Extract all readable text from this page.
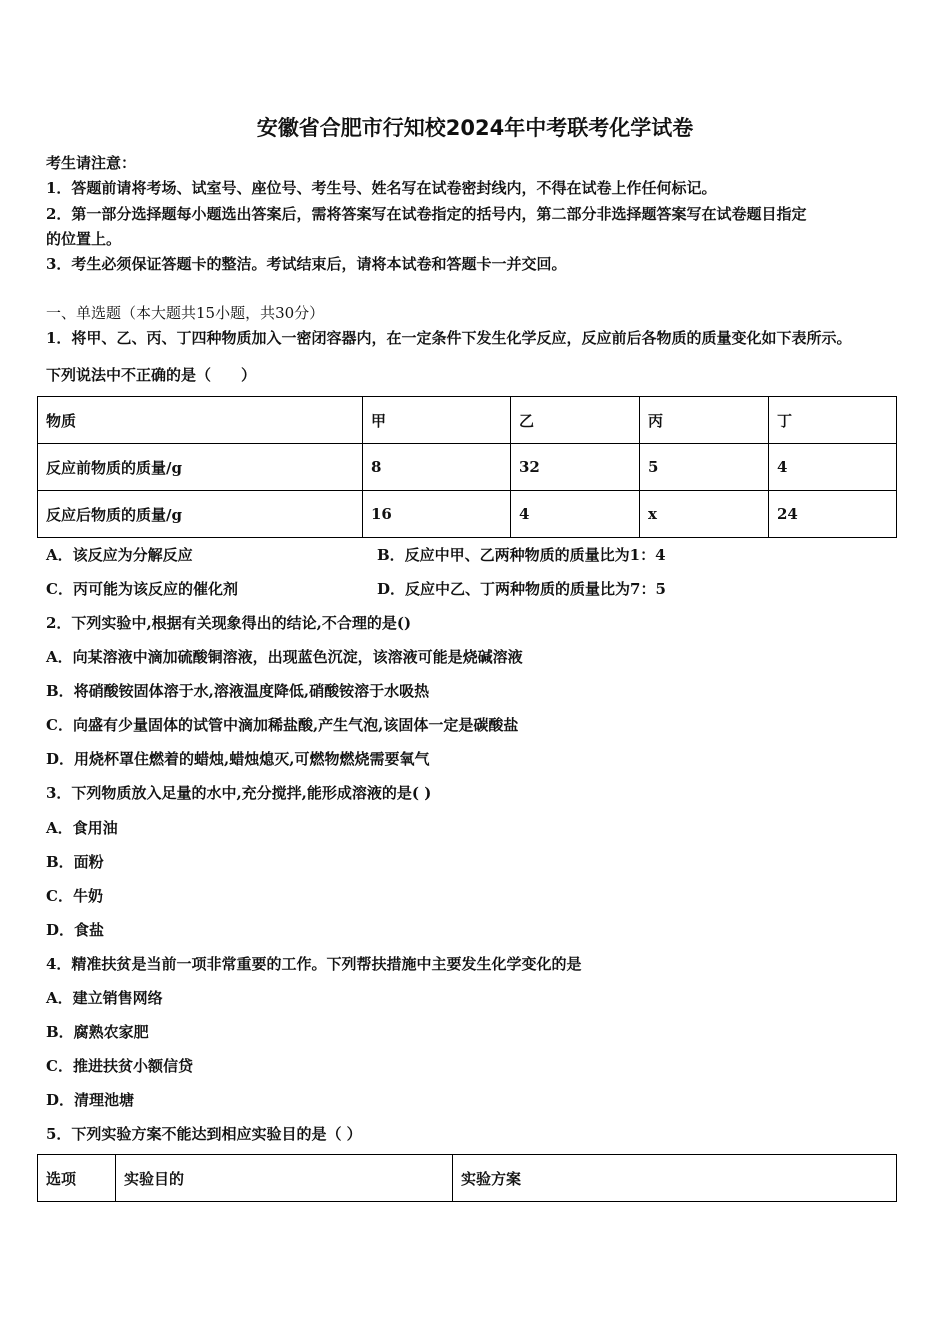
安徽省合肥市行知校2024年中考联考化学试卷
考生请注意：
1．答题前请将考场、试室号、座位号、考生号、姓名写在试卷密封线内，不得在试卷上作任何标记。
2．第一部分选择题每小题选出答案后，需将答案写在试卷指定的括号内，第二部分非选择题答案写在试卷题目指定
的位置上。
3．考生必须保证答题卡的整洁。考试结束后，请将本试卷和答题卡一并交回。
一、单选题（本大题共15小题，共30分）
1．将甲、乙、丙、丁四种物质加入一密闭容器内，在一定条件下发生化学反应，反应前后各物质的质量变化如下表所示。
下列说法中不正确的是（　　）
物质	甲	乙	丙	丁
反应前物质的质量/g	8	32	5	4
反应后物质的质量/g	16	4	x	24
A．该反应为分解反应	B．反应中甲、乙两种物质的质量比为1：4
C．丙可能为该反应的催化剂	D．反应中乙、丁两种物质的质量比为7：5
2．下列实验中,根据有关现象得出的结论,不合理的是()
A．向某溶液中滴加硫酸铜溶液，出现蓝色沉淀，该溶液可能是烧碱溶液
B．将硝酸铵固体溶于水,溶液温度降低,硝酸铵溶于水吸热
C．向盛有少量固体的试管中滴加稀盐酸,产生气泡,该固体一定是碳酸盐
D．用烧杯罩住燃着的蜡烛,蜡烛熄灭,可燃物燃烧需要氧气
3．下列物质放入足量的水中,充分搅拌,能形成溶液的是( )
A．食用油
B．面粉
C．牛奶
D．食盐
4．精准扶贫是当前一项非常重要的工作。下列帮扶措施中主要发生化学变化的是
A．建立销售网络
B．腐熟农家肥
C．推进扶贫小额信贷
D．清理池塘
5．下列实验方案不能达到相应实验目的是（ ）
选项	实验目的	实验方案
